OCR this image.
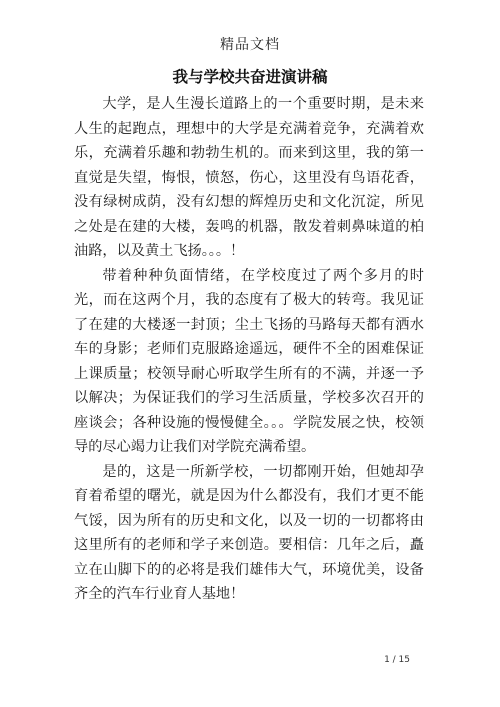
精品文档
我与学校共奋进演讲稿

大学，是人生漫长道路上的一个重要时期，是未来人生的起跑点，理想中的大学是充满着竞争，充满着欢乐，充满着乐趣和勃勃生机的。而来到这里，我的第一直觉是失望，悔恨，愤怒，伤心，这里没有鸟语花香，没有绿树成荫，没有幻想的辉煌历史和文化沉淀，所见之处是在建的大楼，轰鸣的机器，散发着刺鼻味道的柏油路，以及黄土飞扬。。。！

带着种种负面情绪，在学校度过了两个多月的时光，而在这两个月，我的态度有了极大的转弯。我见证了在建的大楼逐一封顶；尘土飞扬的马路每天都有洒水车的身影；老师们克服路途遥远，硬件不全的困难保证上课质量；校领导耐心听取学生所有的不满，并逐一予以解决；为保证我们的学习生活质量，学校多次召开的座谈会；各种设施的慢慢健全。。。学院发展之快，校领导的尽心竭力让我们对学院充满希望。

是的，这是一所新学校，一切都刚开始，但她却孕育着希望的曙光，就是因为什么都没有，我们才更不能气馁，因为所有的历史和文化，以及一切的一切都将由这里所有的老师和学子来创造。要相信：几年之后，矗立在山脚下的的必将是我们雄伟大气，环境优美，设备齐全的汽车行业育人基地！

1 / 15
